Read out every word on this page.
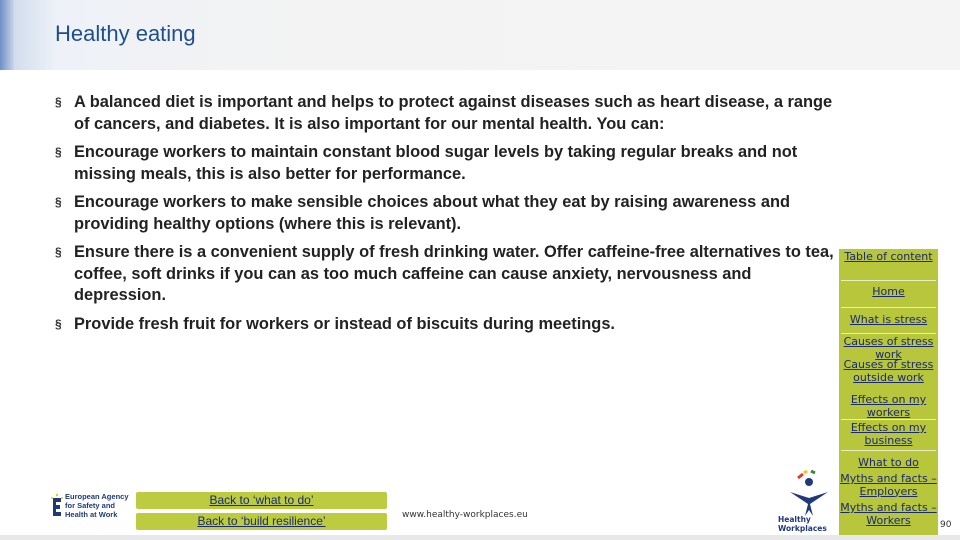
Healthy eating
§ A balanced diet is important and helps to protect against diseases such as heart disease, a range of cancers, and diabetes. It is also important for our mental health. You can:
§ Encourage workers to maintain constant blood sugar levels by taking regular breaks and not missing meals, this is also better for performance.
§ Encourage workers to make sensible choices about what they eat by raising awareness and providing healthy options (where this is relevant).
§ Ensure there is a convenient supply of fresh drinking water. Offer caffeine-free alternatives to tea, coffee, soft drinks if you can as too much caffeine can cause anxiety, nervousness and depression.
§ Provide fresh fruit for workers or instead of biscuits during meetings.
Table of content
Home
What is stress
Causes of stress work
Causes of stress outside work
Effects on my workers
Effects on my business
What to do
Myths and facts – Employers
Myths and facts – Workers
European Agency for Safety and Health at Work
Back to ‘what to do’
Back to ‘build resilience’	www.healthy-workplaces.eu	Healthy Workplaces	90
